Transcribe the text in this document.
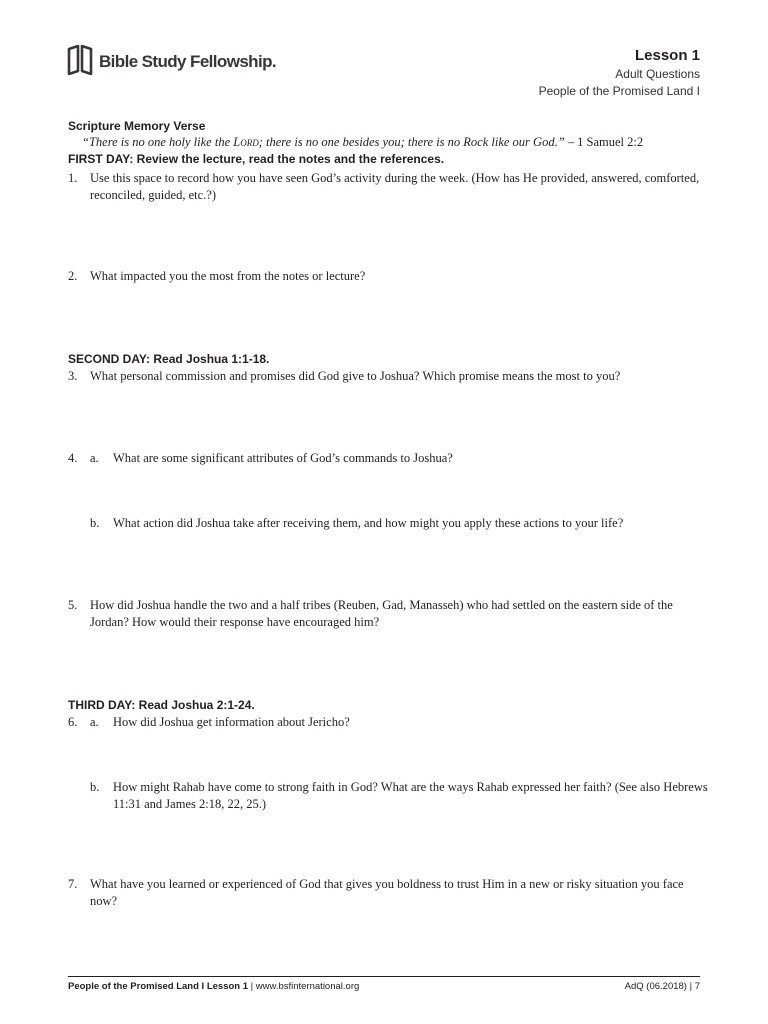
Bible Study Fellowship.	Lesson 1
Adult Questions
People of the Promised Land I

Scripture Memory Verse

“There is no one holy like the Lord; there is no one besides you; there is no Rock like our God.” – 1 Samuel 2:2

FIRST DAY: Review the lecture, read the notes and the references.

1. Use this space to record how you have seen God’s activity during the week. (How has He provided, answered, comforted, reconciled, guided, etc.?)
2. What impacted you the most from the notes or lecture?

SECOND DAY: Read Joshua 1:1-18.

3. What personal commission and promises did God give to Joshua? Which promise means the most to you?
4. a. What are some significant attributes of God’s commands to Joshua?
b. What action did Joshua take after receiving them, and how might you apply these actions to your life?
5. How did Joshua handle the two and a half tribes (Reuben, Gad, Manasseh) who had settled on the eastern side of the Jordan? How would their response have encouraged him?

THIRD DAY: Read Joshua 2:1-24.

6. a. How did Joshua get information about Jericho?
b. How might Rahab have come to strong faith in God? What are the ways Rahab expressed her faith? (See also Hebrews 11:31 and James 2:18, 22, 25.)
7. What have you learned or experienced of God that gives you boldness to trust Him in a new or risky situation you face now?
People of the Promised Land I Lesson 1 | www.bsfinternational.org	AdQ (06.2018) | 7
